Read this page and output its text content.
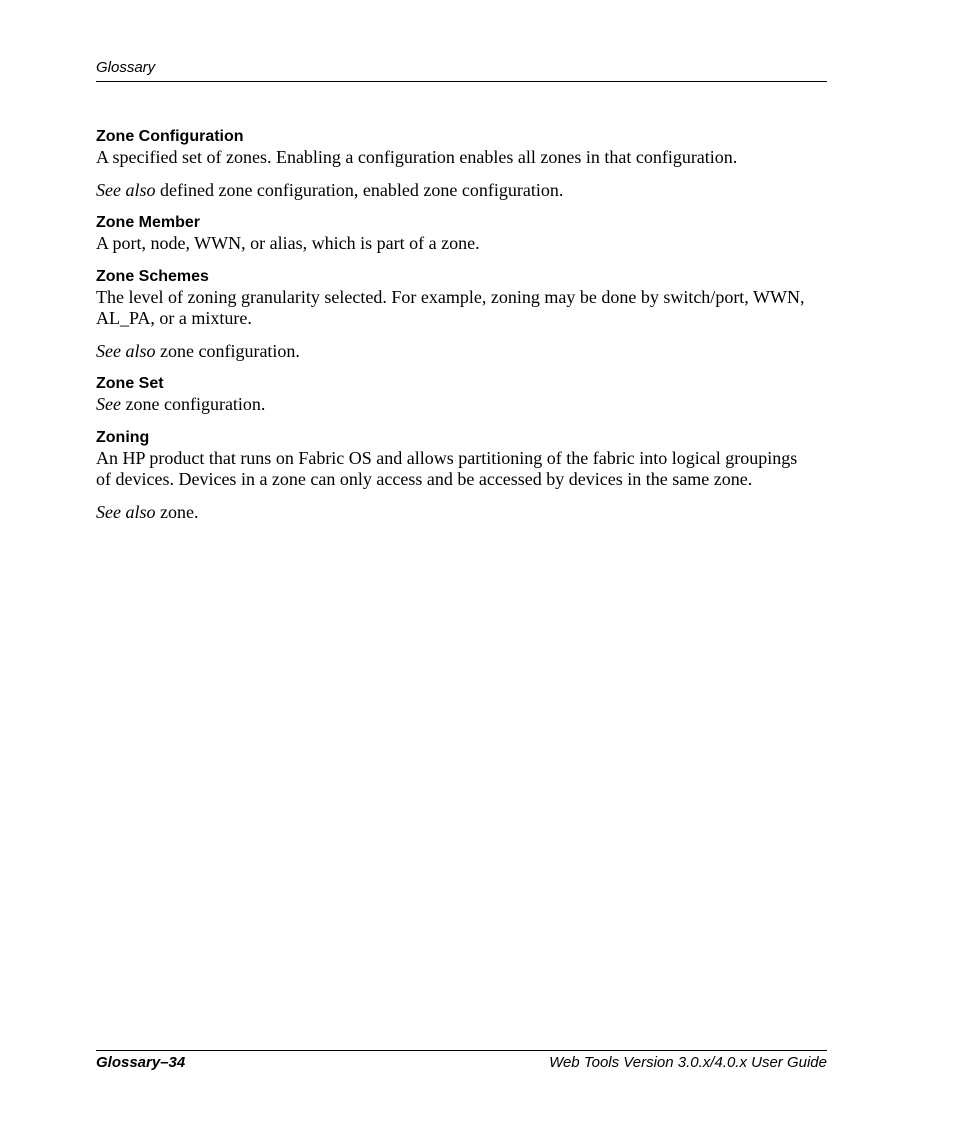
Glossary
Zone Configuration

A specified set of zones. Enabling a configuration enables all zones in that configuration.

See also defined zone configuration, enabled zone configuration.

Zone Member

A port, node, WWN, or alias, which is part of a zone.

Zone Schemes

The level of zoning granularity selected. For example, zoning may be done by switch/port, WWN, AL_PA, or a mixture.

See also zone configuration.

Zone Set

See zone configuration.

Zoning

An HP product that runs on Fabric OS and allows partitioning of the fabric into logical groupings of devices. Devices in a zone can only access and be accessed by devices in the same zone.

See also zone.

Glossary–34	Web Tools Version 3.0.x/4.0.x User Guide
